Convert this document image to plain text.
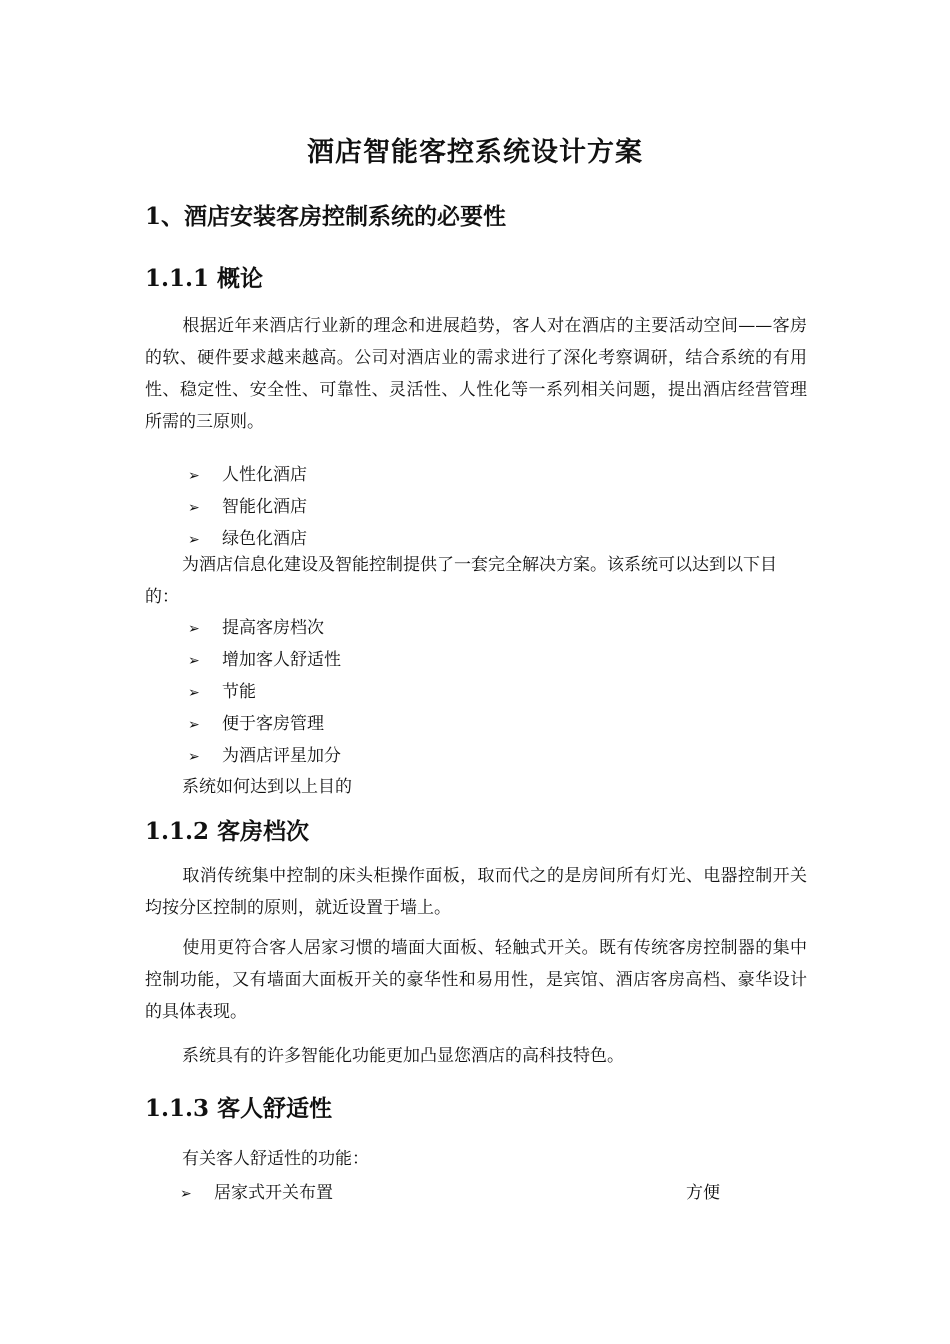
酒店智能客控系统设计方案
1、酒店安装客房控制系统的必要性
1.1.1 概论
根据近年来酒店行业新的理念和进展趋势，客人对在酒店的主要活动空间——客房的软、硬件要求越来越高。公司对酒店业的需求进行了深化考察调研，结合系统的有用性、稳定性、安全性、可靠性、灵活性、人性化等一系列相关问题，提出酒店经营管理所需的三原则。
➢ 人性化酒店
➢ 智能化酒店
➢ 绿色化酒店
为酒店信息化建设及智能控制提供了一套完全解决方案。该系统可以达到以下目的：
➢ 提高客房档次
➢ 增加客人舒适性
➢ 节能
➢ 便于客房管理
➢ 为酒店评星加分
系统如何达到以上目的
1.1.2 客房档次
取消传统集中控制的床头柜操作面板，取而代之的是房间所有灯光、电器控制开关均按分区控制的原则，就近设置于墙上。
使用更符合客人居家习惯的墙面大面板、轻触式开关。既有传统客房控制器的集中控制功能，又有墙面大面板开关的豪华性和易用性，是宾馆、酒店客房高档、豪华设计的具体表现。
系统具有的许多智能化功能更加凸显您酒店的高科技特色。
1.1.3 客人舒适性
有关客人舒适性的功能：
➢ 居家式开关布置	方便
